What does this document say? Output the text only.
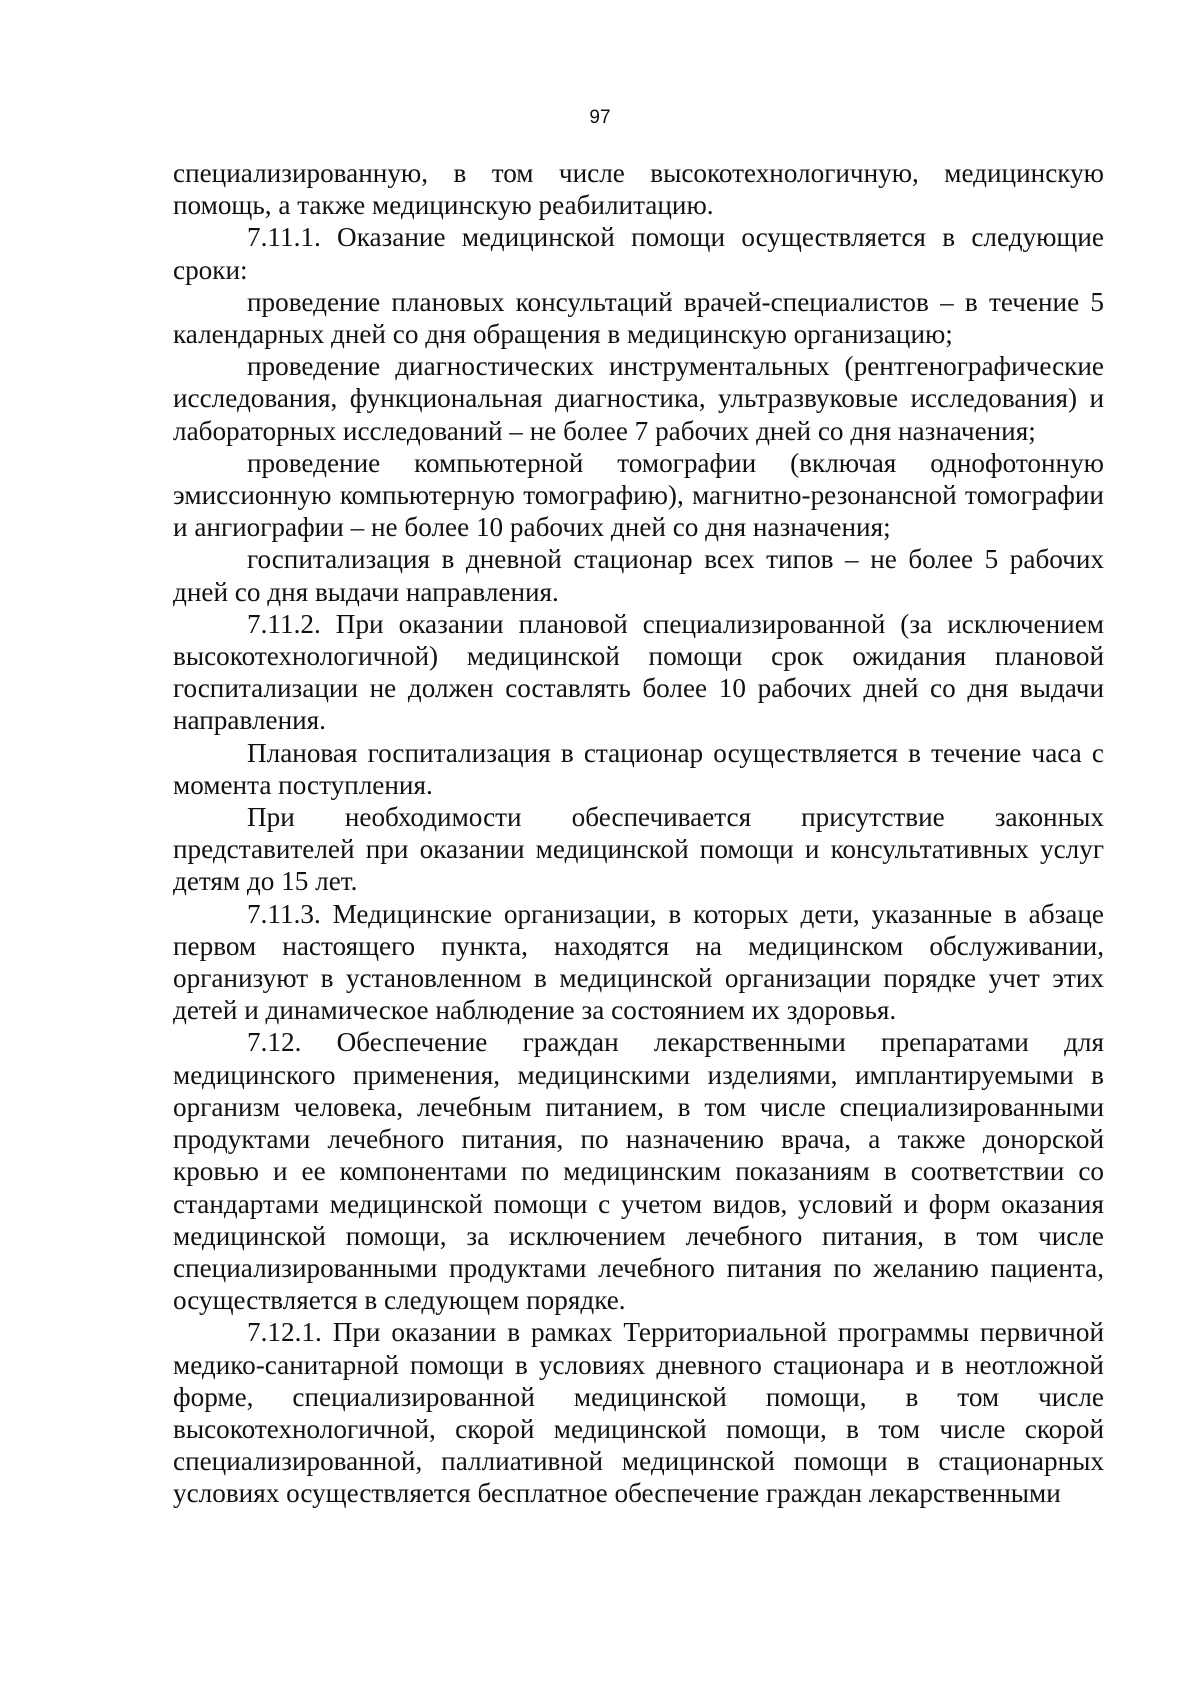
97

специализированную, в том числе высокотехнологичную, медицинскую помощь, а также медицинскую реабилитацию.

7.11.1. Оказание медицинской помощи осуществляется в следующие сроки:

проведение плановых консультаций врачей-специалистов – в течение 5 календарных дней со дня обращения в медицинскую организацию;

проведение диагностических инструментальных (рентгенографические исследования, функциональная диагностика, ультразвуковые исследования) и лабораторных исследований – не более 7 рабочих дней со дня назначения;

проведение компьютерной томографии (включая однофотонную эмиссионную компьютерную томографию), магнитно-резонансной томографии и ангиографии – не более 10 рабочих дней со дня назначения;

госпитализация в дневной стационар всех типов – не более 5 рабочих дней со дня выдачи направления.

7.11.2. При оказании плановой специализированной (за исключением высокотехнологичной) медицинской помощи срок ожидания плановой госпитализации не должен составлять более 10 рабочих дней со дня выдачи направления.

Плановая госпитализация в стационар осуществляется в течение часа с момента поступления.

При необходимости обеспечивается присутствие законных представителей при оказании медицинской помощи и консультативных услуг детям до 15 лет.

7.11.3. Медицинские организации, в которых дети, указанные в абзаце первом настоящего пункта, находятся на медицинском обслуживании, организуют в установленном в медицинской организации порядке учет этих детей и динамическое наблюдение за состоянием их здоровья.

7.12. Обеспечение граждан лекарственными препаратами для медицинского применения, медицинскими изделиями, имплантируемыми в организм человека, лечебным питанием, в том числе специализированными продуктами лечебного питания, по назначению врача, а также донорской кровью и ее компонентами по медицинским показаниям в соответствии со стандартами медицинской помощи с учетом видов, условий и форм оказания медицинской помощи, за исключением лечебного питания, в том числе специализированными продуктами лечебного питания по желанию пациента, осуществляется в следующем порядке.

7.12.1. При оказании в рамках Территориальной программы первичной медико-санитарной помощи в условиях дневного стационара и в неотложной форме, специализированной медицинской помощи, в том числе высокотехнологичной, скорой медицинской помощи, в том числе скорой специализированной, паллиативной медицинской помощи в стационарных условиях осуществляется бесплатное обеспечение граждан лекарственными
